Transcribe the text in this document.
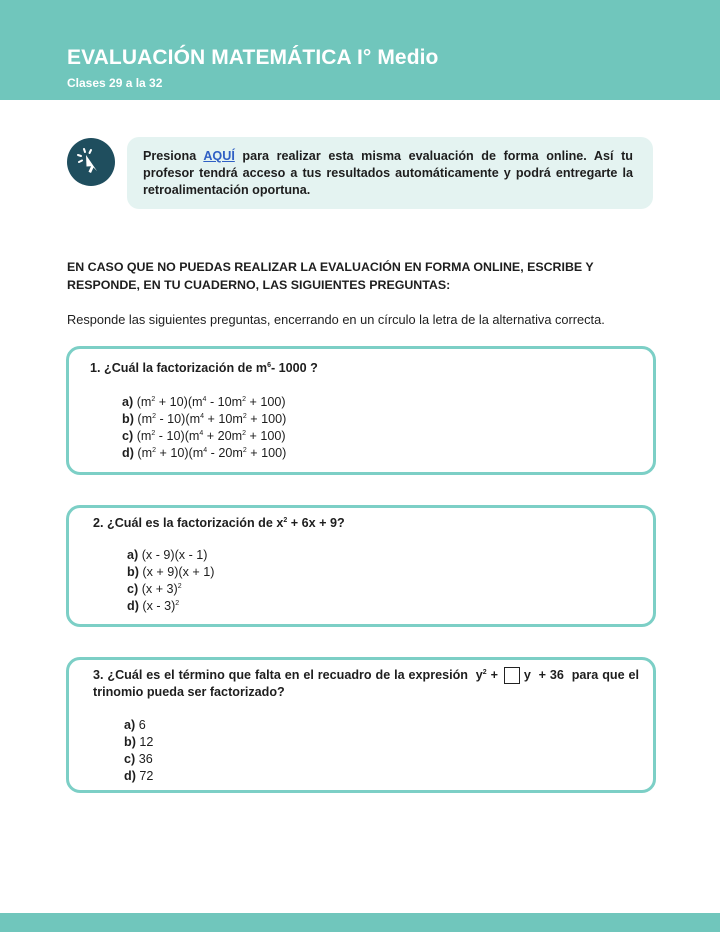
EVALUACIÓN MATEMÁTICA I° Medio
Clases 29 a la 32
Presiona AQUÍ para realizar esta misma evaluación de forma online. Así tu profesor tendrá acceso a tus resultados automáticamente y podrá entregarte la retroalimentación oportuna.
EN CASO QUE NO PUEDAS REALIZAR LA EVALUACIÓN EN FORMA ONLINE, ESCRIBE Y RESPONDE, EN TU CUADERNO, LAS SIGUIENTES PREGUNTAS:
Responde las siguientes preguntas, encerrando en un círculo la letra de la alternativa correcta.
1. ¿Cuál la factorización de $m^6-$ 1000 ?
a) $(m^2 + 10)(m^4 - 10m^2 + 100)$
b) $(m^2 - 10)(m^4 + 10m^2 + 100)$
c) $(m^2 - 10)(m^4 + 20m^2 + 100)$
d) $(m^2 + 10)(m^4 - 20m^2 + 100)$
2. ¿Cuál es la factorización de $x^2 + 6x + 9$?
a) (x - 9)(x - 1)
b) (x + 9)(x + 1)
c) $(x + 3)^2$
d) (x - 3)$^2$
3. ¿Cuál es el término que falta en el recuadro de la expresión  $y^2 + y + 36$  para que el trinomio pueda ser factorizado?
a) 6
b) 12
c) 36
d) 72
